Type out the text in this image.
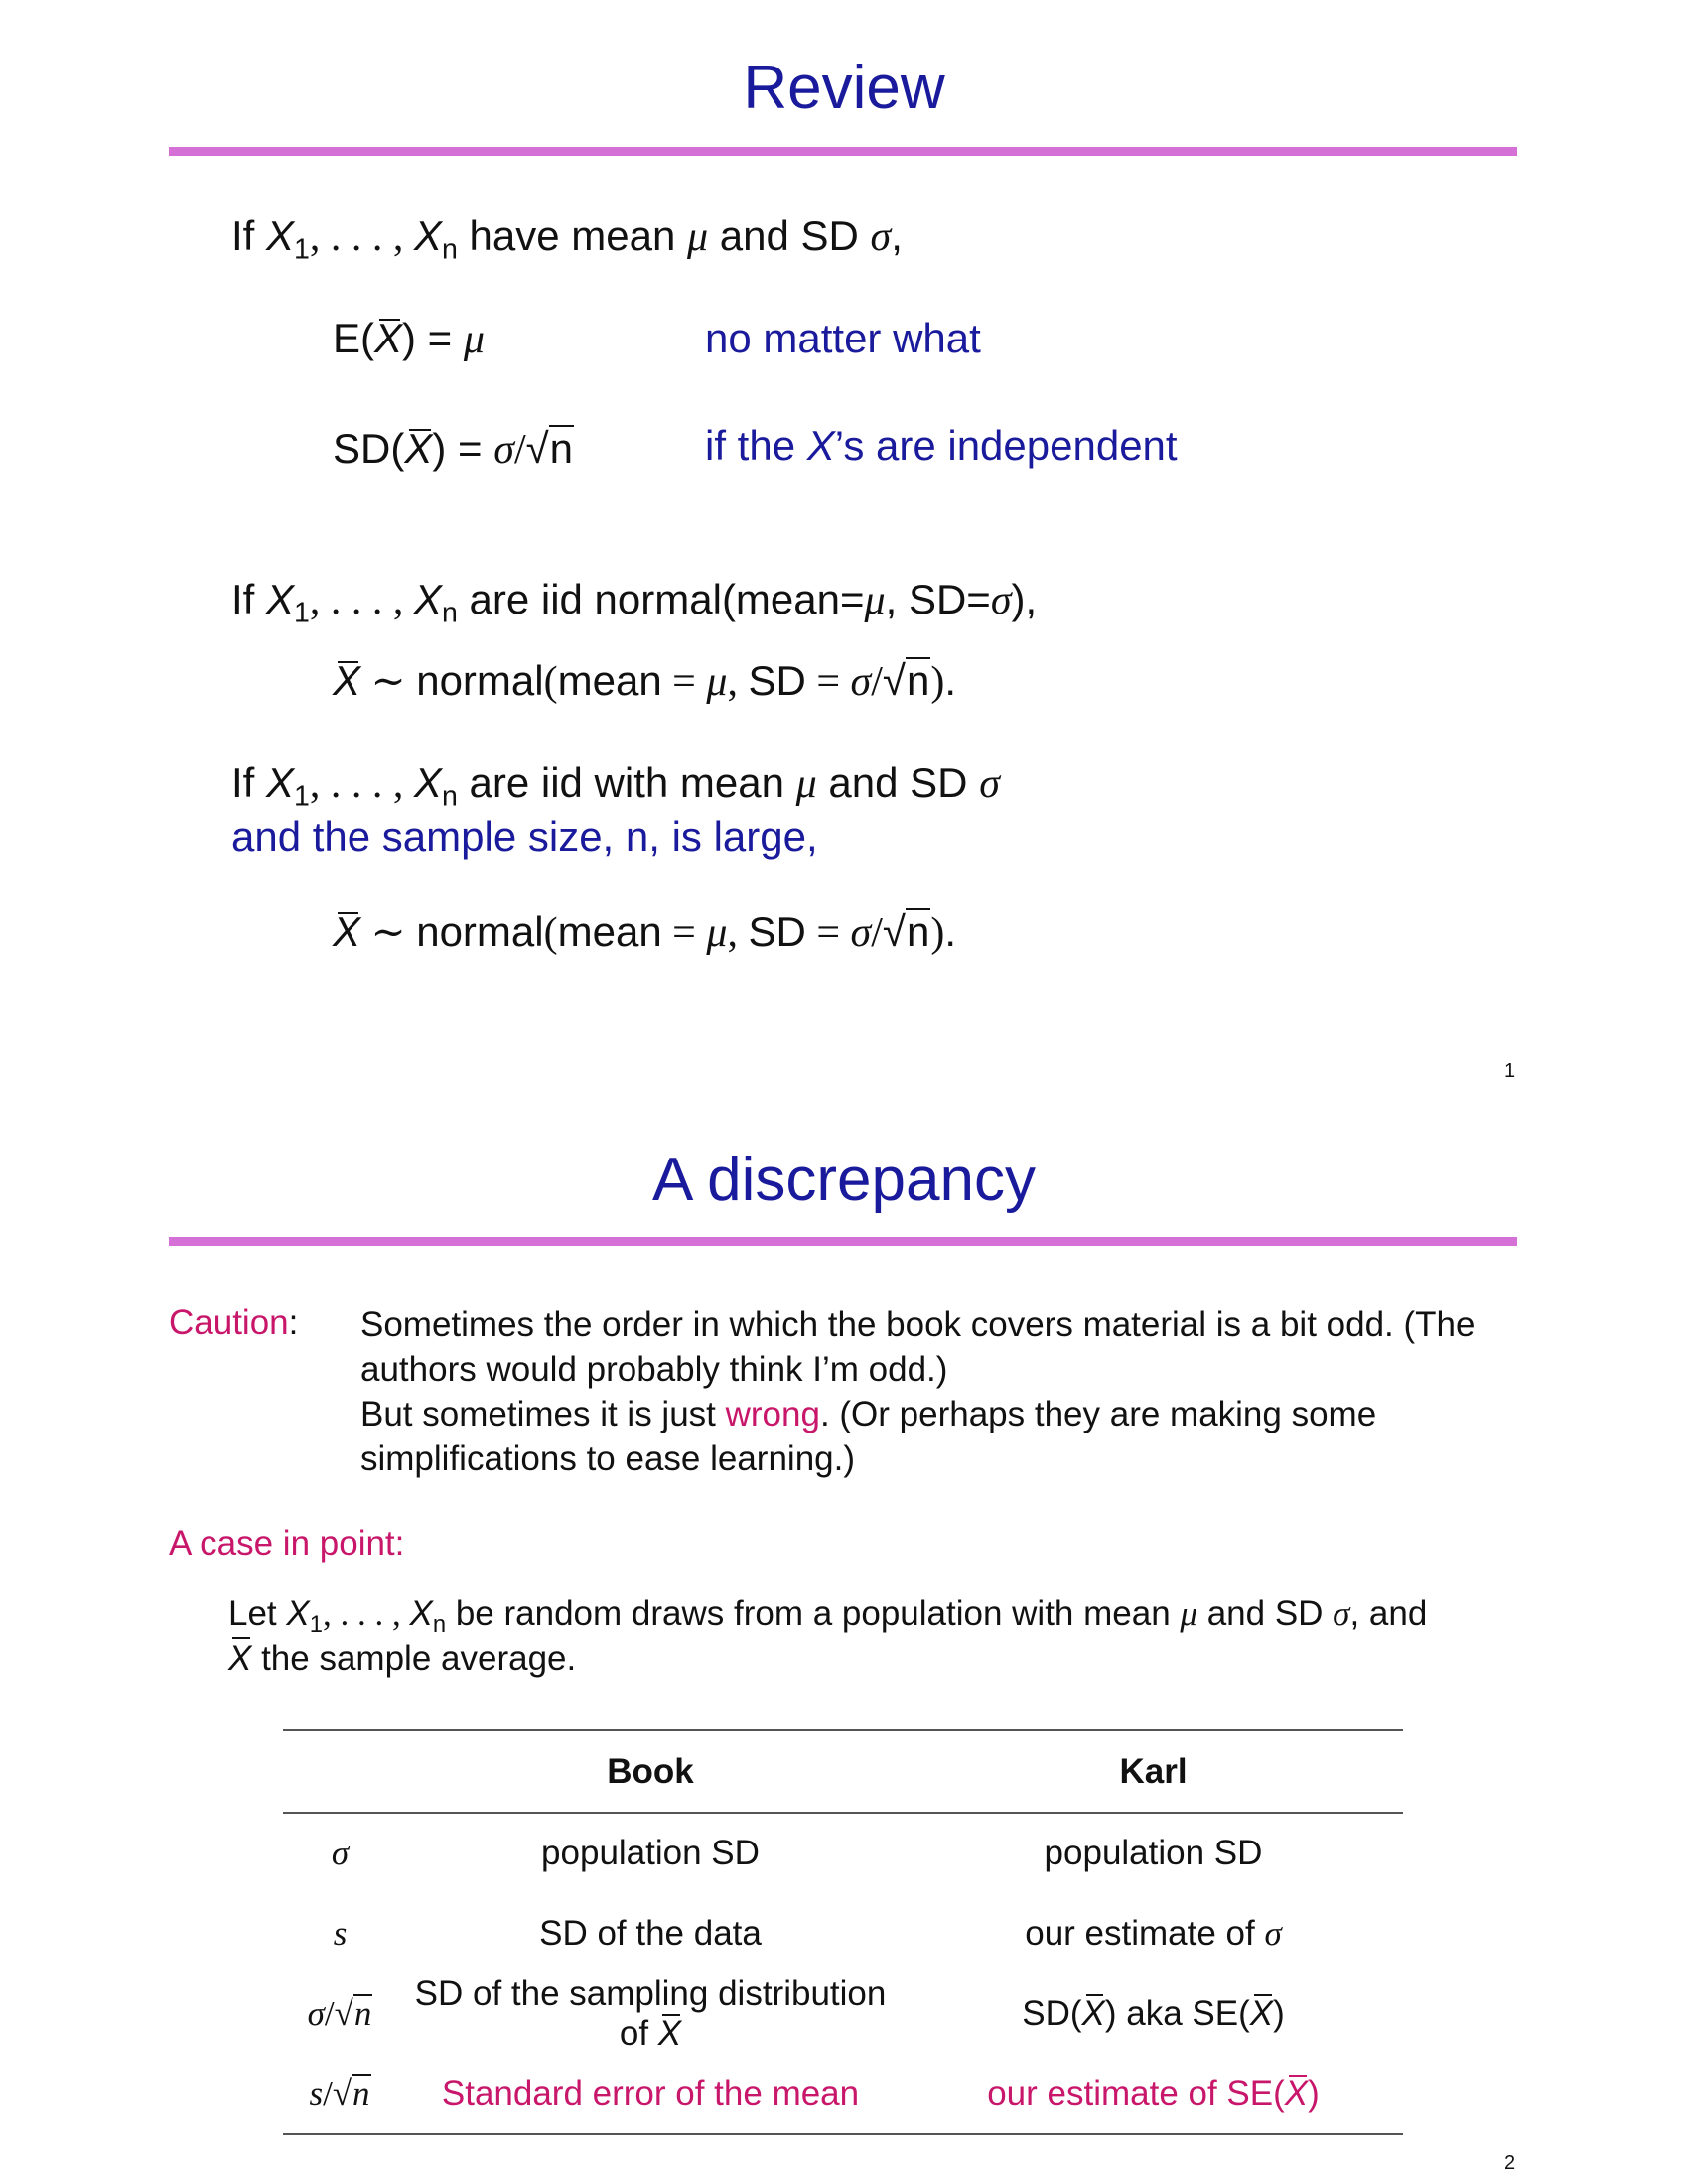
Review
If $X_1$, . . . , $X_n$ have mean μ and SD σ,
E(X) = μ	no matter what
SD(X) = σ/√n	if the X’s are independent
If $X_1$, . . . , $X_n$ are iid normal(mean=μ, SD=σ),
X ∼ normal(mean = μ, SD = σ/√n).
If $X_1$, . . . , $X_n$ are iid with mean μ and SD σ
and the sample size, n, is large,
X ∼ normal(mean = μ, SD = σ/√n).
1
A discrepancy
Caution: Sometimes the order in which the book covers material is a bit odd. (The
authors would probably think I’m odd.)
But sometimes it is just wrong. (Or perhaps they are making some
simplifications to ease learning.)
A case in point:
Let $X_1$, . . . , $X_n$ be random draws from a population with mean μ and SD σ, and
X the sample average.
	Book	Karl
σ	population SD	population SD
s	SD of the data	our estimate of σ
σ/√n	SD of the sampling distribution of X	SD(X) aka SE(X)
s/√n	Standard error of the mean	our estimate of SE(X)
2
